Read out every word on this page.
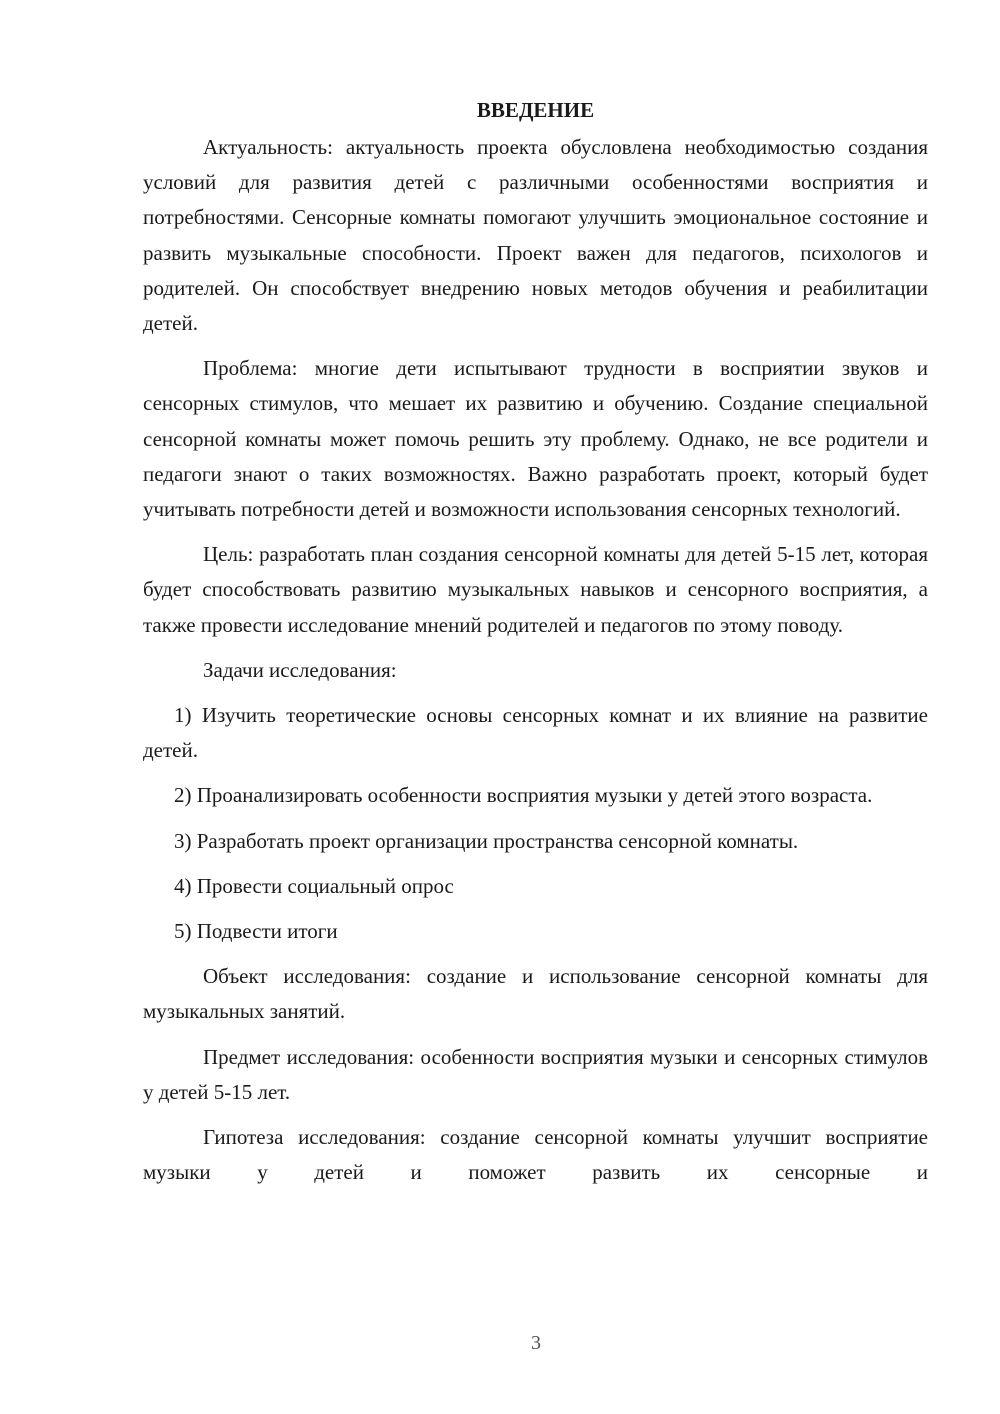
ВВЕДЕНИЕ

Актуальность: актуальность проекта обусловлена необходимостью создания условий для развития детей с различными особенностями восприятия и потребностями. Сенсорные комнаты помогают улучшить эмоциональное состояние и развить музыкальные способности. Проект важен для педагогов, психологов и родителей. Он способствует внедрению новых методов обучения и реабилитации детей.

Проблема: многие дети испытывают трудности в восприятии звуков и сенсорных стимулов, что мешает их развитию и обучению. Создание специальной сенсорной комнаты может помочь решить эту проблему. Однако, не все родители и педагоги знают о таких возможностях. Важно разработать проект, который будет учитывать потребности детей и возможности использования сенсорных технологий.

Цель: разработать план создания сенсорной комнаты для детей 5-15 лет, которая будет способствовать развитию музыкальных навыков и сенсорного восприятия, а также провести исследование мнений родителей и педагогов по этому поводу.

Задачи исследования:

1) Изучить теоретические основы сенсорных комнат и их влияние на развитие детей.

2) Проанализировать особенности восприятия музыки у детей этого возраста.

3) Разработать проект организации пространства сенсорной комнаты.

4) Провести социальный опрос

5) Подвести итоги

Объект исследования: создание и использование сенсорной комнаты для музыкальных занятий.

Предмет исследования: особенности восприятия музыки и сенсорных стимулов у детей 5-15 лет.

Гипотеза исследования: создание сенсорной комнаты улучшит восприятие музыки у детей и поможет развить их сенсорные и

3
